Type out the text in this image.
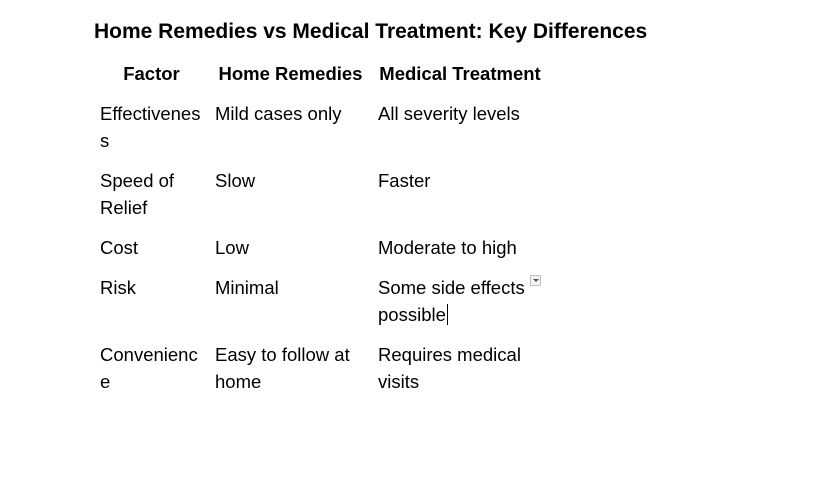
Home Remedies vs Medical Treatment: Key Differences
Factor	Home Remedies	Medical Treatment
Effectiveness	Mild cases only	All severity levels
Speed of Relief	Slow	Faster
Cost	Low	Moderate to high
Risk	Minimal	Some side effects possible

Convenience	Easy to follow at home	Requires medical visits
